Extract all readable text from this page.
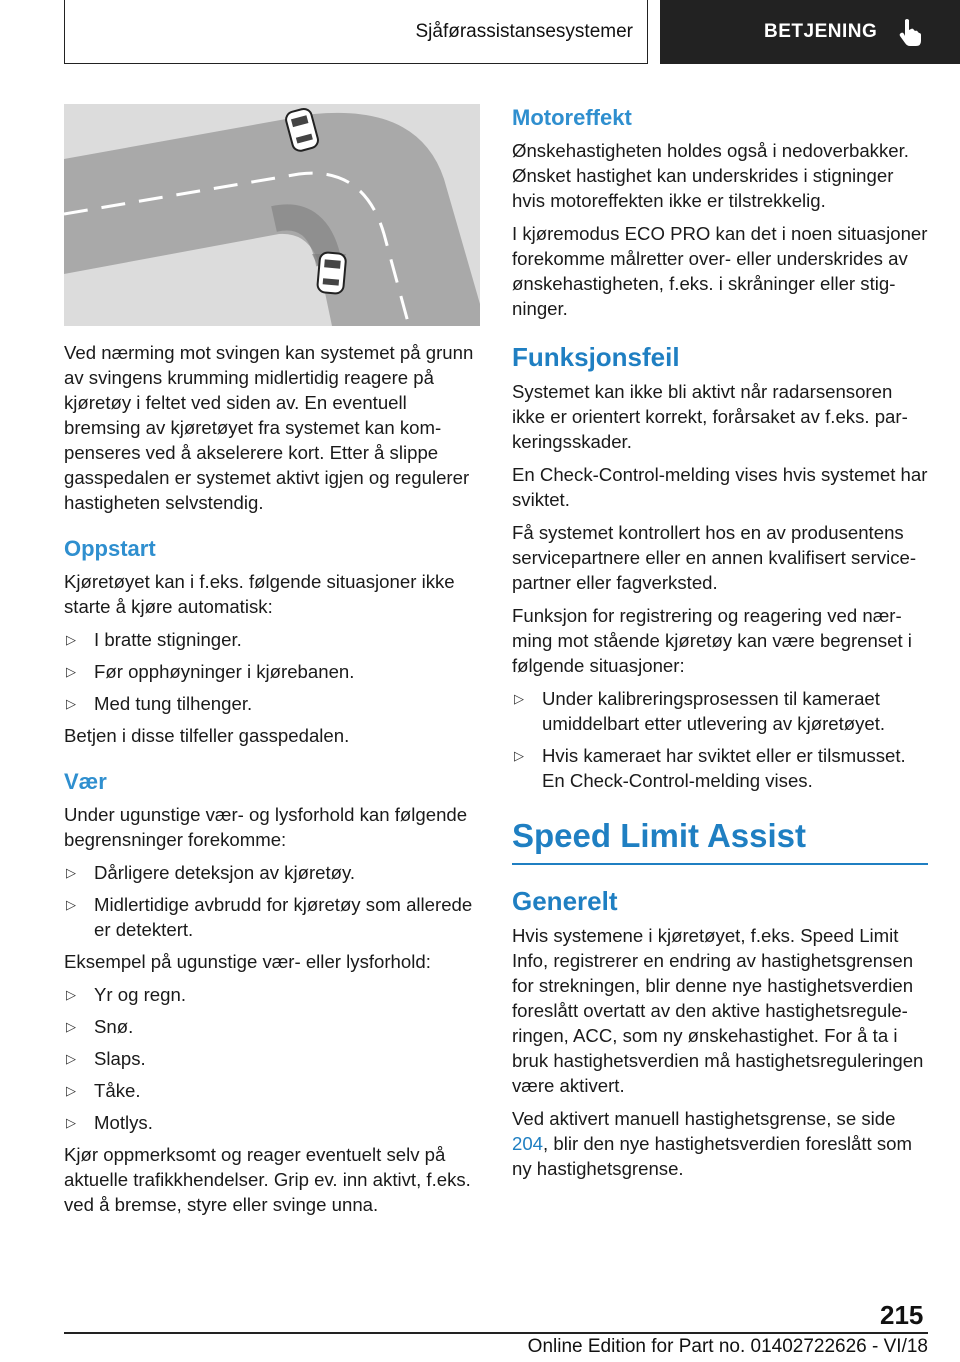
Sjåførassistansesystemer	BETJENING

Ved nærming mot svingen kan systemet på grunn av svingens krumming midlertidig reagere på kjøretøy i feltet ved siden av. En eventuell bremsing av kjøretøyet fra systemet kan kompenseres ved å akselerere kort. Etter å slippe gasspedalen er systemet aktivt igjen og regulerer hastigheten selvstendig.

Oppstart

Kjøretøyet kan i f.eks. følgende situasjoner ikke starte å kjøre automatisk:

▷ I bratte stigninger.
▷ Før opphøyninger i kjørebanen.
▷ Med tung tilhenger.

Betjen i disse tilfeller gasspedalen.

Vær

Under ugunstige vær- og lysforhold kan følgende begrensninger forekomme:

▷ Dårligere deteksjon av kjøretøy.
▷ Midlertidige avbrudd for kjøretøy som allerede er detektert.

Eksempel på ugunstige vær- eller lysforhold:

▷ Yr og regn.
▷ Snø.
▷ Slaps.
▷ Tåke.
▷ Motlys.

Kjør oppmerksomt og reager eventuelt selv på aktuelle trafikkhendelser. Grip ev. inn aktivt, f.eks. ved å bremse, styre eller svinge unna.

Motoreffekt

Ønskehastigheten holdes også i nedoverbakker. Ønsket hastighet kan underskrides i stigninger hvis motoreffekten ikke er tilstrekkelig.

I kjøremodus ECO PRO kan det i noen situasjoner forekomme målretter over- eller underskrides av ønskehastigheten, f.eks. i skråninger eller stigninger.

Funksjonsfeil

Systemet kan ikke bli aktivt når radarsensoren ikke er orientert korrekt, forårsaket av f.eks. parkeringsskader.

En Check-Control-melding vises hvis systemet har sviktet.

Få systemet kontrollert hos en av produsentens servicepartnere eller en annen kvalifisert servicepartner eller fagverksted.

Funksjon for registrering og reagering ved nærming mot stående kjøretøy kan være begrenset i følgende situasjoner:

▷ Under kalibreringsprosessen til kameraet umiddelbart etter utlevering av kjøretøyet.
▷ Hvis kameraet har sviktet eller er tilsmusset. En Check-Control-melding vises.
Speed Limit Assist
Generelt

Hvis systemene i kjøretøyet, f.eks. Speed Limit Info, registrerer en endring av hastighetsgrensen for strekningen, blir denne nye hastighetsverdien foreslått overtatt av den aktive hastighetsreguleringen, ACC, som ny ønskehastighet. For å ta i bruk hastighetsverdien må hastighetsreguleringen være aktivert.

Ved aktivert manuell hastighetsgrense, se side 204, blir den nye hastighetsverdien foreslått som ny hastighetsgrense.

215
Online Edition for Part no. 01402722626 - VI/18
